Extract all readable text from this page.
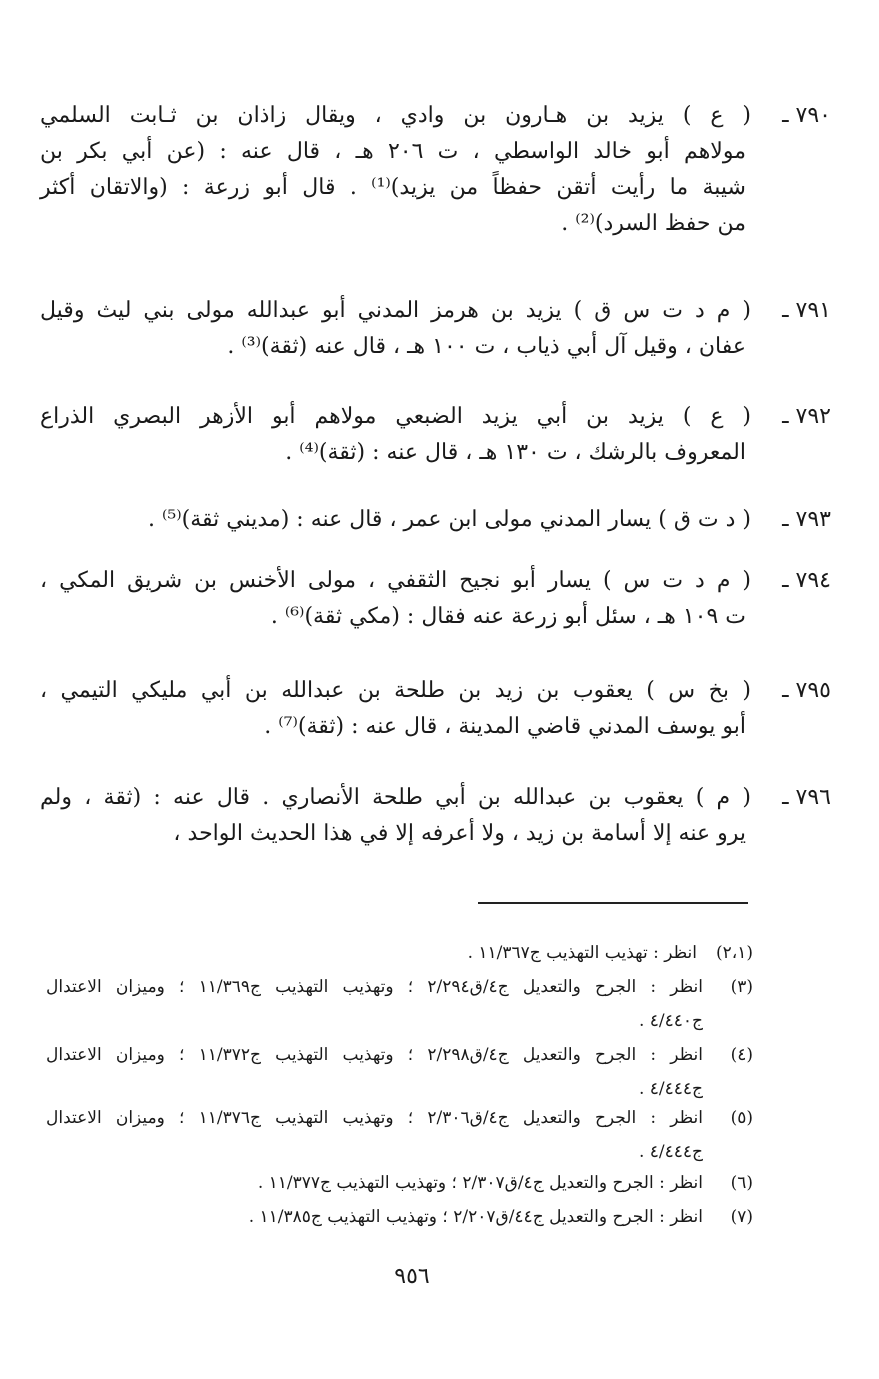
٧٩٠ ـ
( ع ) يزيد بن هـارون بن وادي ، ويقال زاذان بن ثـابت السلمي
مولاهم أبو خالد الواسطي ، ت ٢٠٦ هـ ، قال عنه : (عن أبي بكر بن
شيبة ما رأيت أتقن حفظاً من يزيد)⁽¹⁾ . قال أبو زرعة : (والاتقان أكثر
من حفظ السرد)⁽²⁾ .
٧٩١ ـ
( م د ت س ق ) يزيد بن هرمز المدني أبو عبدالله مولى بني ليث وقيل
عفان ، وقيل آل أبي ذياب ، ت ١٠٠ هـ ، قال عنه (ثقة)⁽³⁾ .
٧٩٢ ـ
( ع ) يزيد بن أبي يزيد الضبعي مولاهم أبو الأزهر البصري الذراع
المعروف بالرشك ، ت ١٣٠ هـ ، قال عنه : (ثقة)⁽⁴⁾ .
٧٩٣ ـ
( د ت ق ) يسار المدني مولى ابن عمر ، قال عنه : (مديني ثقة)⁽⁵⁾ .
٧٩٤ ـ
( م د ت س ) يسار أبو نجيح الثقفي ، مولى الأخنس بن شريق المكي ،
ت ١٠٩ هـ ، سئل أبو زرعة عنه فقال : (مكي ثقة)⁽⁶⁾ .
٧٩٥ ـ
( بخ س ) يعقوب بن زيد بن طلحة بن عبدالله بن أبي مليكي التيمي ،
أبو يوسف المدني قاضي المدينة ، قال عنه : (ثقة)⁽⁷⁾ .
٧٩٦ ـ
( م ) يعقوب بن عبدالله بن أبي طلحة الأنصاري . قال عنه : (ثقة ، ولم
يرو عنه إلا أسامة بن زيد ، ولا أعرفه إلا في هذا الحديث الواحد ،
(٢،١)
انظر : تهذيب التهذيب ج١١/٣٦٧ .
(٣)
انظر : الجرح والتعديل ج٤/ق٢/٢٩٤ ؛ وتهذيب التهذيب ج١١/٣٦٩ ؛ وميزان الاعتدال
ج٤/٤٤٠ .
(٤)
انظر : الجرح والتعديل ج٤/ق٢/٢٩٨ ؛ وتهذيب التهذيب ج١١/٣٧٢ ؛ وميزان الاعتدال
ج٤/٤٤٤ .
(٥)
انظر : الجرح والتعديل ج٤/ق٢/٣٠٦ ؛ وتهذيب التهذيب ج١١/٣٧٦ ؛ وميزان الاعتدال
ج٤/٤٤٤ .
(٦)
انظر : الجرح والتعديل ج٤/ق٢/٣٠٧ ؛ وتهذيب التهذيب ج١١/٣٧٧ .
(٧)
انظر : الجرح والتعديل ج٤٤/ق٢/٢٠٧ ؛ وتهذيب التهذيب ج١١/٣٨٥ .
٩٥٦
